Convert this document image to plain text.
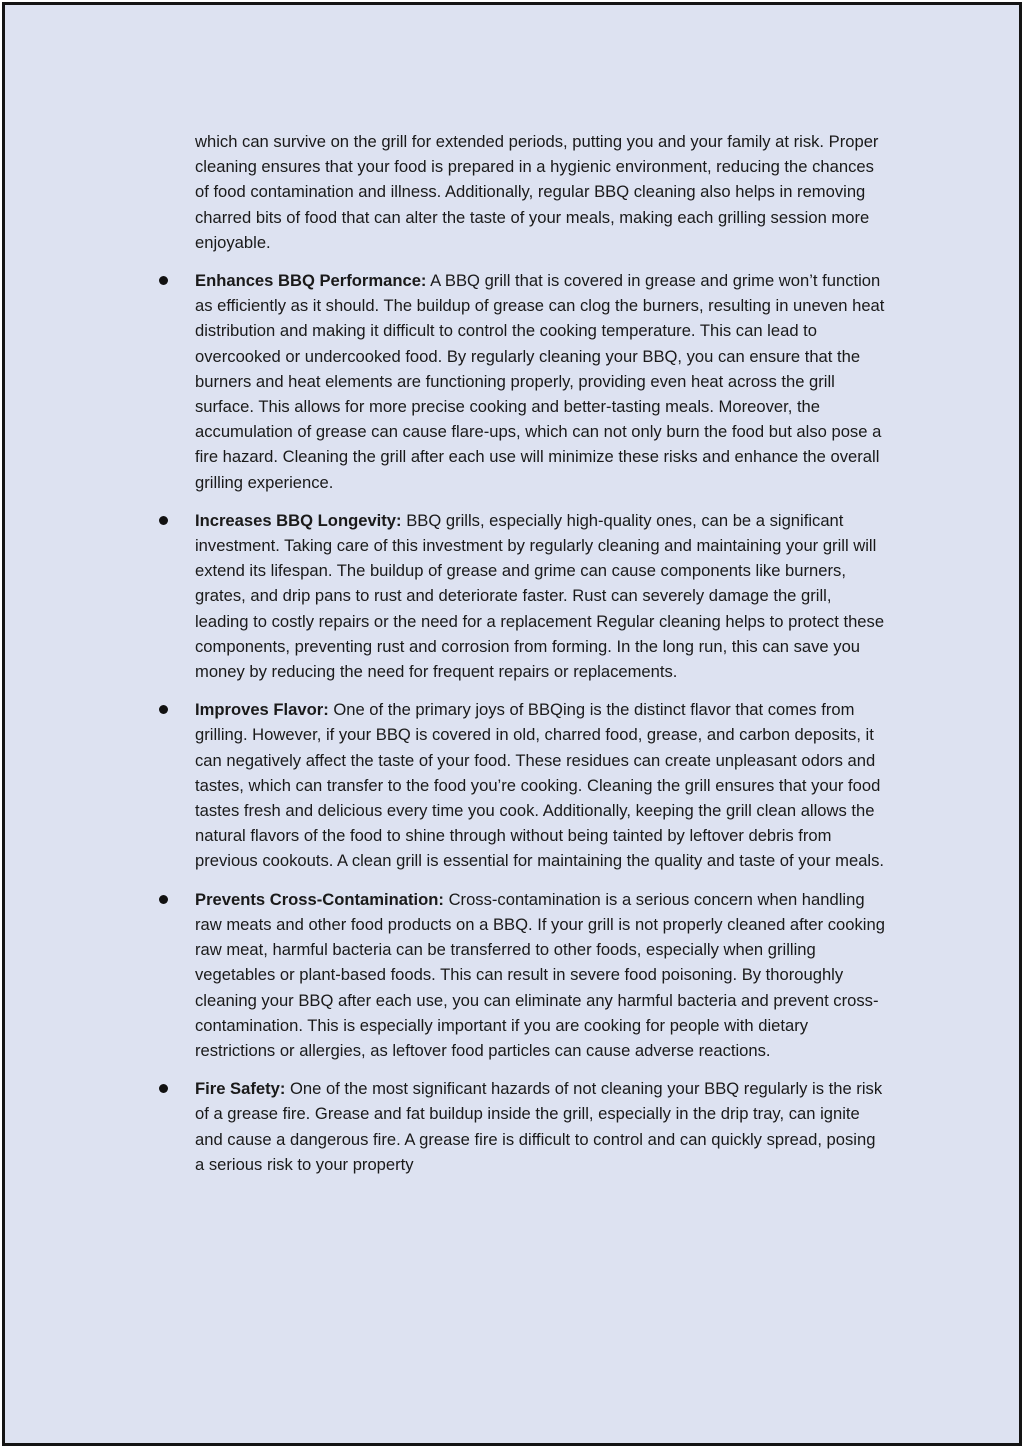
which can survive on the grill for extended periods, putting you and your family at risk. Proper cleaning ensures that your food is prepared in a hygienic environment, reducing the chances of food contamination and illness. Additionally, regular BBQ cleaning also helps in removing charred bits of food that can alter the taste of your meals, making each grilling session more enjoyable.

Enhances BBQ Performance: A BBQ grill that is covered in grease and grime won’t function as efficiently as it should. The buildup of grease can clog the burners, resulting in uneven heat distribution and making it difficult to control the cooking temperature. This can lead to overcooked or undercooked food. By regularly cleaning your BBQ, you can ensure that the burners and heat elements are functioning properly, providing even heat across the grill surface. This allows for more precise cooking and better-tasting meals. Moreover, the accumulation of grease can cause flare-ups, which can not only burn the food but also pose a fire hazard. Cleaning the grill after each use will minimize these risks and enhance the overall grilling experience.
Increases BBQ Longevity: BBQ grills, especially high-quality ones, can be a significant investment. Taking care of this investment by regularly cleaning and maintaining your grill will extend its lifespan. The buildup of grease and grime can cause components like burners, grates, and drip pans to rust and deteriorate faster. Rust can severely damage the grill, leading to costly repairs or the need for a replacement Regular cleaning helps to protect these components, preventing rust and corrosion from forming. In the long run, this can save you money by reducing the need for frequent repairs or replacements.
Improves Flavor: One of the primary joys of BBQing is the distinct flavor that comes from grilling. However, if your BBQ is covered in old, charred food, grease, and carbon deposits, it can negatively affect the taste of your food. These residues can create unpleasant odors and tastes, which can transfer to the food you’re cooking. Cleaning the grill ensures that your food tastes fresh and delicious every time you cook. Additionally, keeping the grill clean allows the natural flavors of the food to shine through without being tainted by leftover debris from previous cookouts. A clean grill is essential for maintaining the quality and taste of your meals.
Prevents Cross-Contamination: Cross-contamination is a serious concern when handling raw meats and other food products on a BBQ. If your grill is not properly cleaned after cooking raw meat, harmful bacteria can be transferred to other foods, especially when grilling vegetables or plant-based foods. This can result in severe food poisoning. By thoroughly cleaning your BBQ after each use, you can eliminate any harmful bacteria and prevent cross-contamination. This is especially important if you are cooking for people with dietary restrictions or allergies, as leftover food particles can cause adverse reactions.
Fire Safety: One of the most significant hazards of not cleaning your BBQ regularly is the risk of a grease fire. Grease and fat buildup inside the grill, especially in the drip tray, can ignite and cause a dangerous fire. A grease fire is difficult to control and can quickly spread, posing a serious risk to your property
